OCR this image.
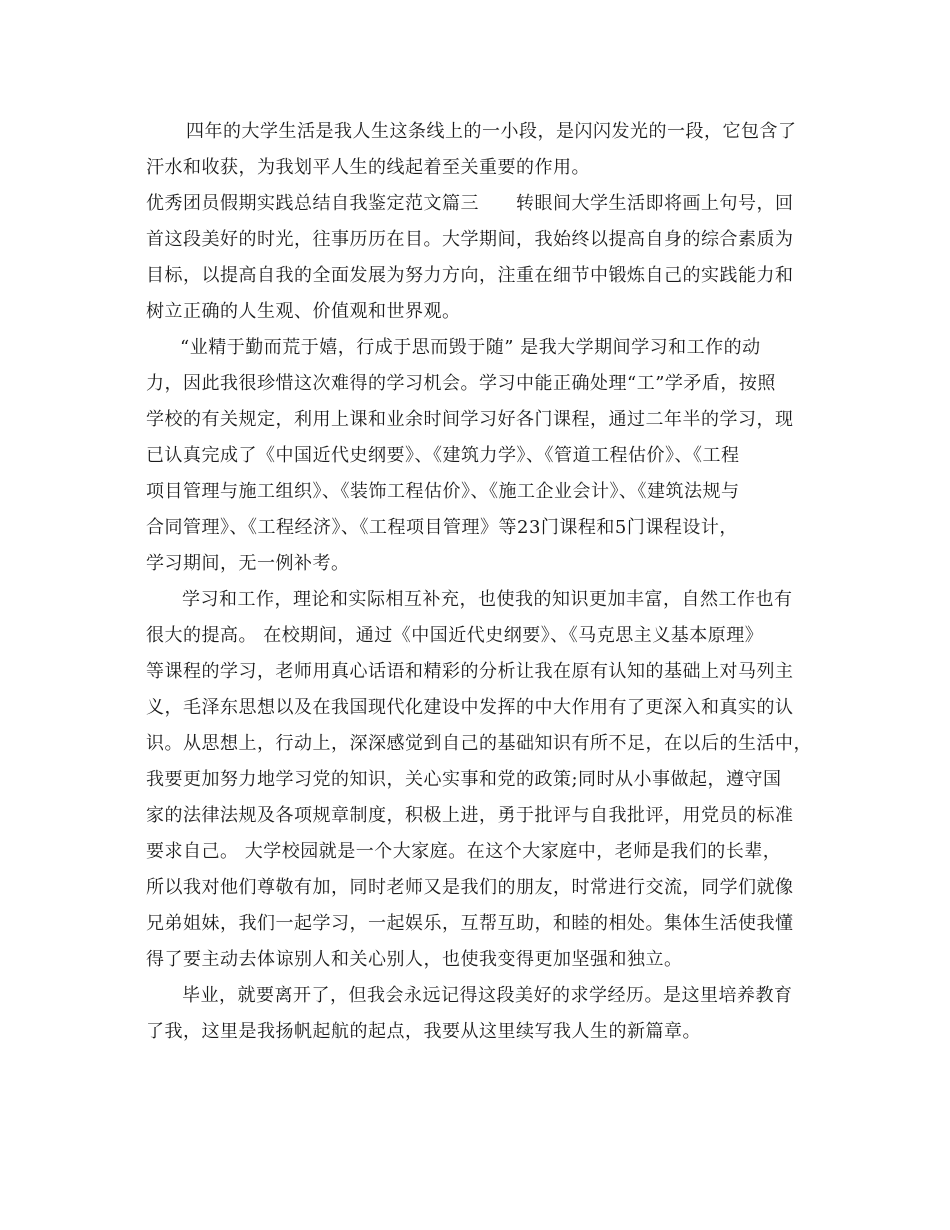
四年的大学生活是我人生这条线上的一小段，是闪闪发光的一段，它包含了
汗水和收获，为我划平人生的线起着至关重要的作用。
优秀团员假期实践总结自我鉴定范文篇三　　转眼间大学生活即将画上句号，回
首这段美好的时光，往事历历在目。大学期间，我始终以提高自身的综合素质为
目标，以提高自我的全面发展为努力方向，注重在细节中锻炼自己的实践能力和
树立正确的人生观、价值观和世界观。
“业精于勤而荒于嬉，行成于思而毁于随” 是我大学期间学习和工作的动
力，因此我很珍惜这次难得的学习机会。学习中能正确处理“工”学矛盾，按照
学校的有关规定，利用上课和业余时间学习好各门课程，通过二年半的学习，现
已认真完成了《中国近代史纲要》、《建筑力学》、《管道工程估价》、《工程
项目管理与施工组织》、《装饰工程估价》、《施工企业会计》、《建筑法规与
合同管理》、《工程经济》、《工程项目管理》等23门课程和5门课程设计，
学习期间，无一例补考。
学习和工作，理论和实际相互补充，也使我的知识更加丰富，自然工作也有
很大的提高。 在校期间，通过《中国近代史纲要》、《马克思主义基本原理》
等课程的学习，老师用真心话语和精彩的分析让我在原有认知的基础上对马列主
义，毛泽东思想以及在我国现代化建设中发挥的中大作用有了更深入和真实的认
识。从思想上，行动上，深深感觉到自己的基础知识有所不足，在以后的生活中，
我要更加努力地学习党的知识，关心实事和党的政策;同时从小事做起，遵守国
家的法律法规及各项规章制度，积极上进，勇于批评与自我批评，用党员的标准
要求自己。 大学校园就是一个大家庭。在这个大家庭中，老师是我们的长辈，
所以我对他们尊敬有加，同时老师又是我们的朋友，时常进行交流，同学们就像
兄弟姐妹，我们一起学习，一起娱乐，互帮互助，和睦的相处。集体生活使我懂
得了要主动去体谅别人和关心别人，也使我变得更加坚强和独立。
毕业，就要离开了，但我会永远记得这段美好的求学经历。是这里培养教育
了我，这里是我扬帆起航的起点，我要从这里续写我人生的新篇章。
